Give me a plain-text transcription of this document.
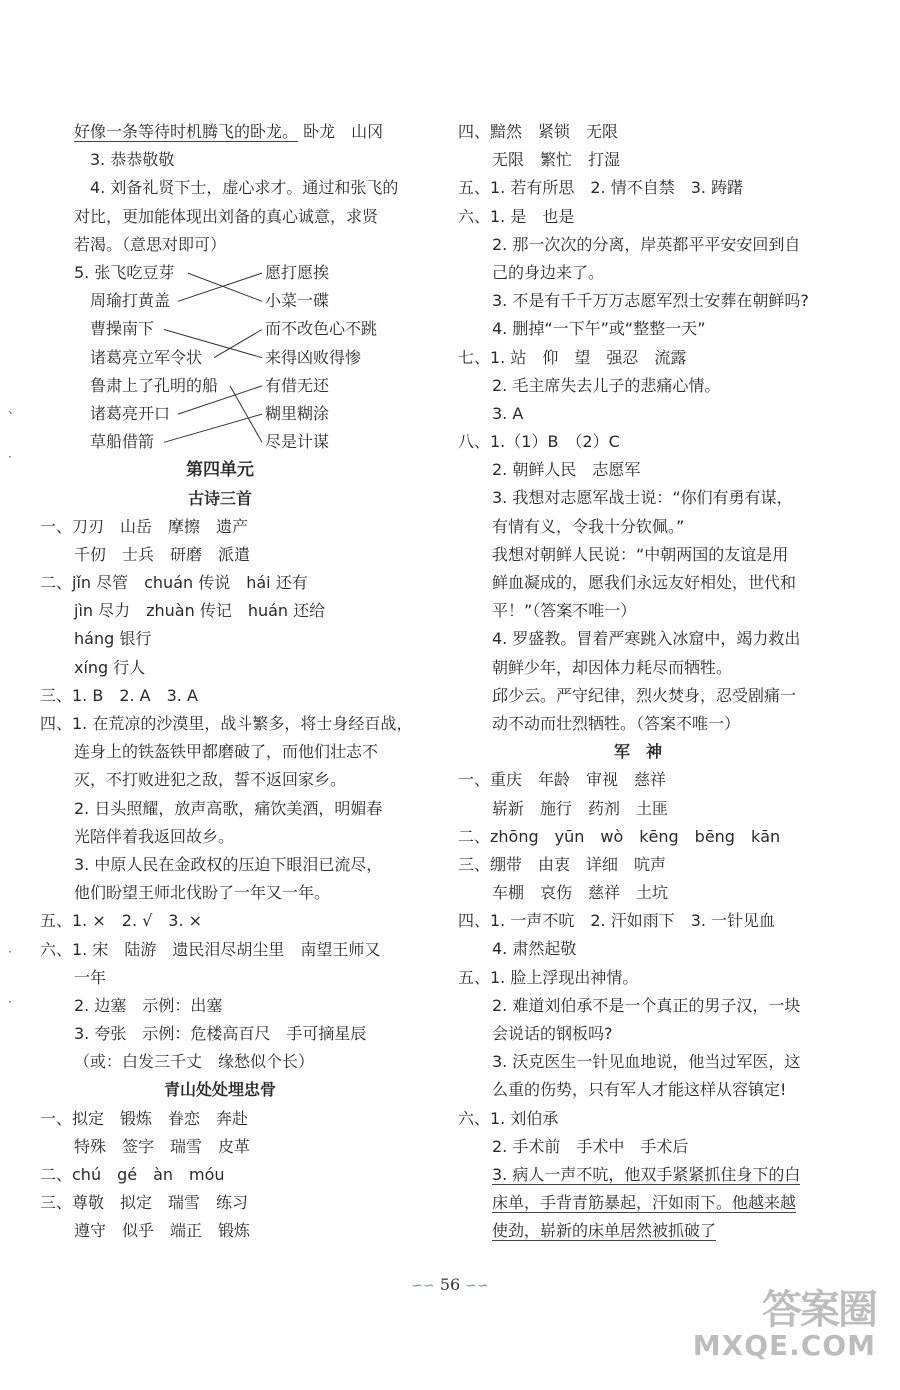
好像一条等待时机腾飞的卧龙。 卧龙　山冈
3. 恭恭敬敬
4. 刘备礼贤下士，虚心求才。通过和张飞的
对比，更加能体现出刘备的真心诚意，求贤
若渴。（意思对即可）
5. 张飞吃豆芽
周瑜打黄盖
曹操南下
诸葛亮立军令状
鲁肃上了孔明的船
诸葛亮开口
草船借箭
愿打愿挨
小菜一碟
而不改色心不跳
来得凶败得惨
有借无还
糊里糊涂
尽是计谋
第四单元
古诗三首
一、刀刃　山岳　摩擦　遗产
千仞　士兵　研磨　派遣
二、jǐn 尽管　chuán 传说　hái 还有
jìn 尽力　zhuàn 传记　huán 还给
háng 银行
xíng 行人
三、1. B　2. A　3. A
四、1. 在荒凉的沙漠里，战斗繁多，将士身经百战，
连身上的铁盔铁甲都磨破了，而他们壮志不
灭，不打败进犯之敌，誓不返回家乡。
2. 日头照耀，放声高歌，痛饮美酒，明媚春
光陪伴着我返回故乡。
3. 中原人民在金政权的压迫下眼泪已流尽，
他们盼望王师北伐盼了一年又一年。
五、1. ×　2. √　3. ×
六、1. 宋　陆游　遗民泪尽胡尘里　南望王师又
一年
2. 边塞　示例：出塞
3. 夸张　示例：危楼高百尺　手可摘星辰
（或：白发三千丈　缘愁似个长）
青山处处埋忠骨
一、拟定　锻炼　眷恋　奔赴
特殊　签字　瑞雪　皮革
二、chú　gé　àn　móu
三、尊敬　拟定　瑞雪　练习
遵守　似乎　端正　锻炼
四、黯然　紧锁　无限
无限　繁忙　打湿
五、1. 若有所思　2. 情不自禁　3. 踌躇
六、1. 是　也是
2. 那一次次的分离，岸英都平平安安回到自
己的身边来了。
3. 不是有千千万万志愿军烈士安葬在朝鲜吗?
4. 删掉“一下午”或“整整一天”
七、1. 站　仰　望　强忍　流露
2. 毛主席失去儿子的悲痛心情。
3. A
八、1.（1）B　（2）C
2. 朝鲜人民　志愿军
3. 我想对志愿军战士说：“你们有勇有谋，
有情有义，令我十分钦佩。”
我想对朝鲜人民说：“中朝两国的友谊是用
鲜血凝成的，愿我们永远友好相处，世代和
平！”（答案不唯一）
4. 罗盛教。冒着严寒跳入冰窟中，竭力救出
朝鲜少年，却因体力耗尽而牺牲。
邱少云。严守纪律，烈火焚身，忍受剧痛一
动不动而壮烈牺牲。（答案不唯一）
军　神
一、重庆　年龄　审视　慈祥
崭新　施行　药剂　土匪
二、zhōng　yūn　wò　kēng　bēng　kān
三、绷带　由衷　详细　吭声
车棚　哀伤　慈祥　土坑
四、1. 一声不吭　2. 汗如雨下　3. 一针见血
4. 肃然起敬
五、1. 脸上浮现出神情。
2. 难道刘伯承不是一个真正的男子汉，一块
会说话的钢板吗?
3. 沃克医生一针见血地说，他当过军医，这
么重的伤势，只有军人才能这样从容镇定!
六、1. 刘伯承
2. 手术前　手术中　手术后
3. 病人一声不吭，他双手紧紧抓住身下的白
床单，手背青筋暴起，汗如雨下。他越来越
使劲，崭新的床单居然被抓破了
、
·
·
·
∽∽ 56 ∽∽
答案圈
MXQE.COM
